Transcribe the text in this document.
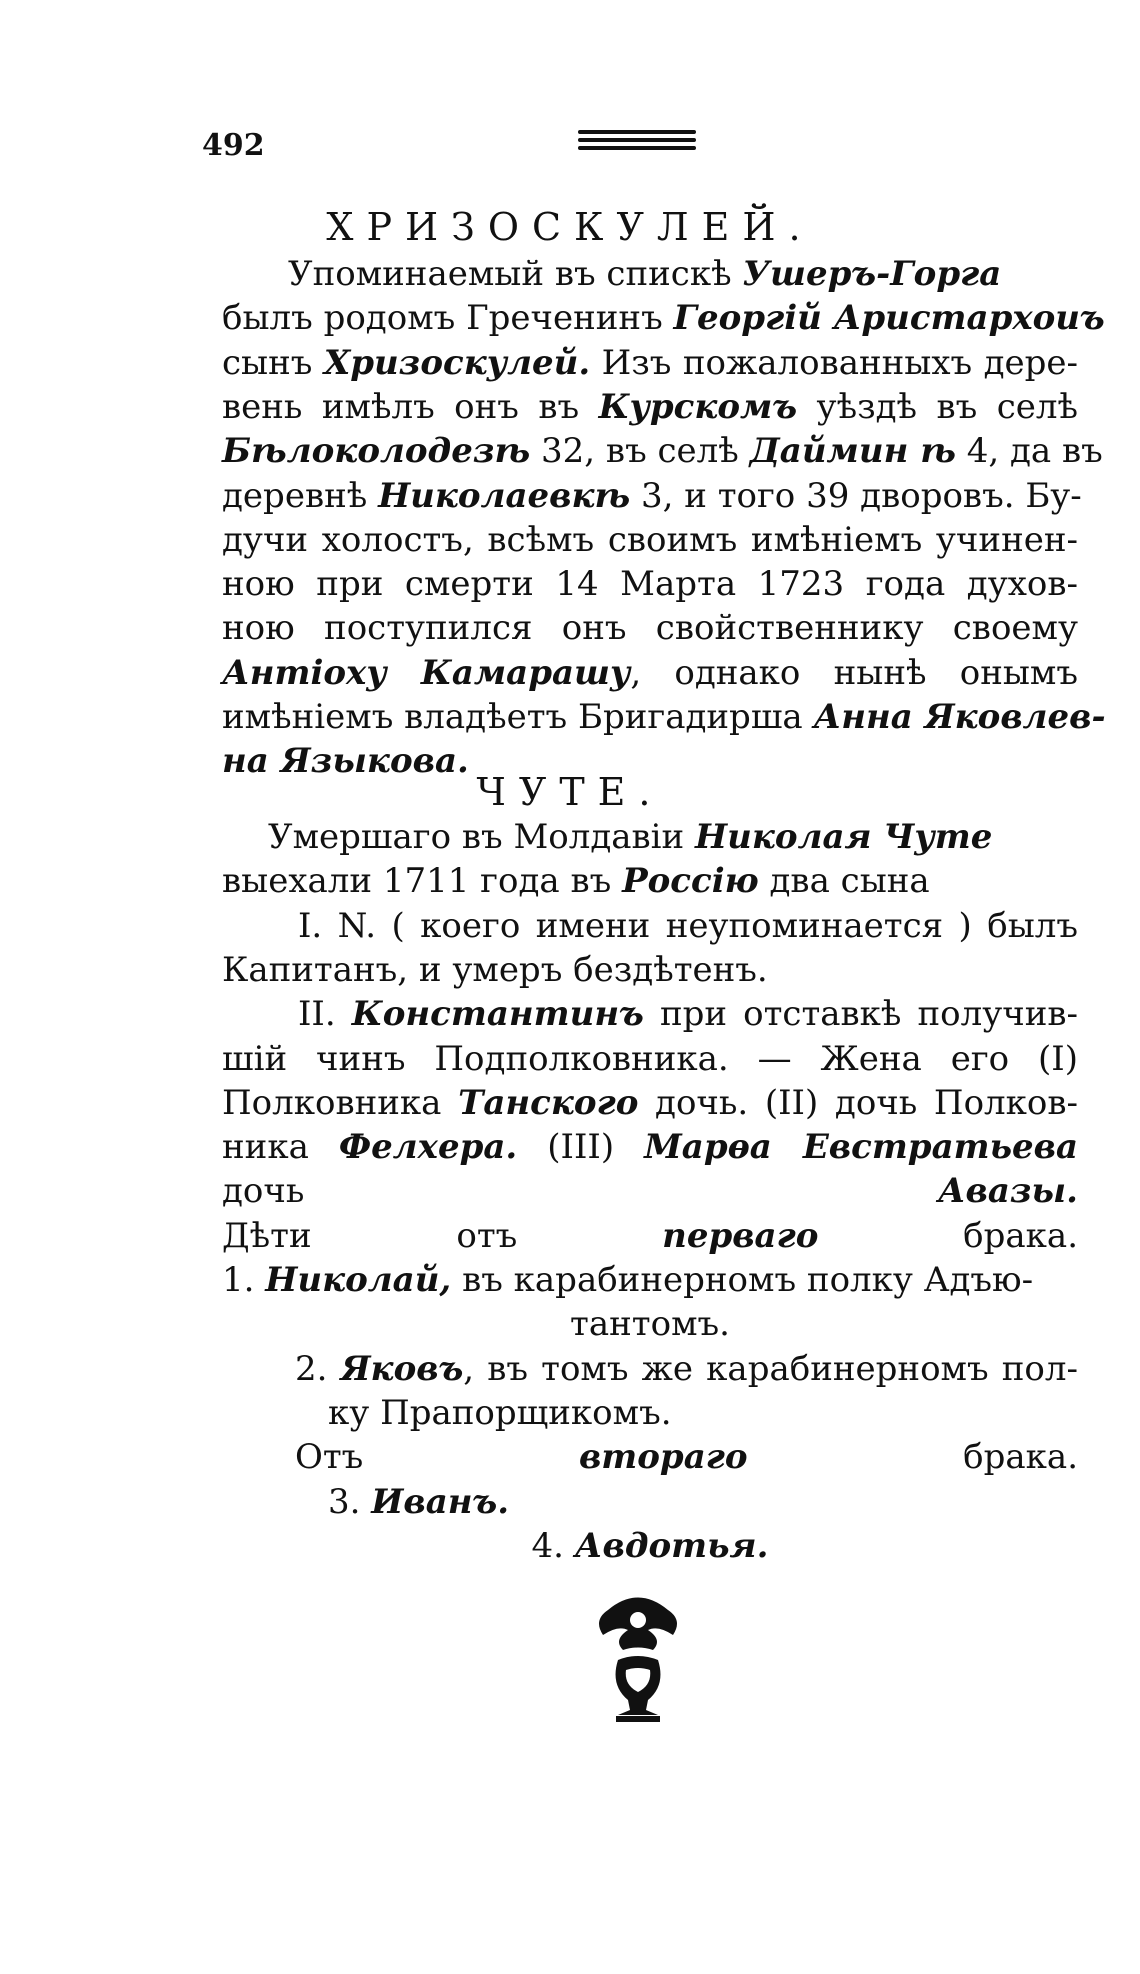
492
ХРИЗОСКУЛЕЙ.
Упоминаемый въ спискѣ Ушеръ-Горга
былъ родомъ Греченинъ Георгій Аристархоиъ
сынъ Хризоскулей. Изъ пожалованныхъ дере-
вень имѣлъ онъ въ Курскомъ уѣздѣ въ селѣ
Бѣлоколодезѣ 32, въ селѣ Даймин ѣ 4, да въ
деревнѣ Николаевкѣ 3, и того 39 дворовъ. Бу-
дучи холостъ, всѣмъ своимъ имѣніемъ учинен-
ною при смерти 14 Марта 1723 года духов-
ною поступился онъ свойственнику своему
Антіоху Камарашу, однако нынѣ онымъ
имѣніемъ владѣетъ Бригадирша Анна Яковлев-
на Языкова.
ЧУТЕ.
Умершаго въ Молдавіи Николая Чуте
выехали 1711 года въ Россію два сына
I. N. ( коего имени неупоминается ) былъ
Капитанъ, и умеръ бездѣтенъ.
II. Константинъ при отставкѣ получив-
шій чинъ Подполковника. — Жена его (I)
Полковника Танского дочь. (II) дочь Полков-
ника Фелхера. (III) Марѳа Евстратьева
дочь Авазы.
Дѣти отъ перваго брака.
1. Николай, въ карабинерномъ полку Адъю-
тантомъ.
2. Яковъ, въ томъ же карабинерномъ пол-
ку Прапорщикомъ.
Отъ втораго брака.
3. Иванъ.
4. Авдотья.
